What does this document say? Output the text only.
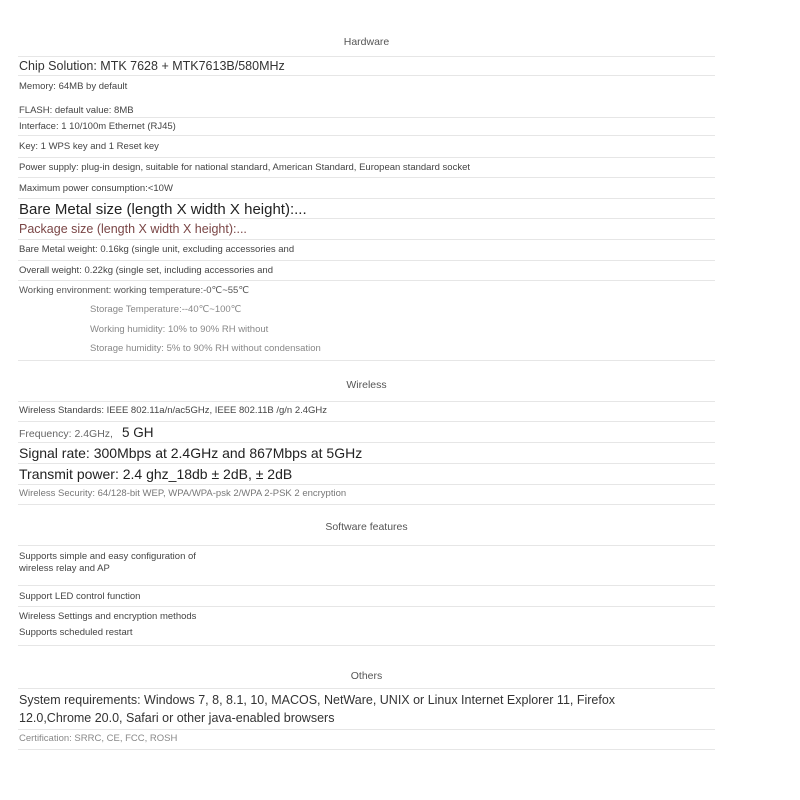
Hardware
Chip Solution: MTK 7628 + MTK7613B/580MHz
Memory: 64MB by default
FLASH: default value: 8MB
Interface: 1 10/100m Ethernet (RJ45)
Key: 1 WPS key and 1 Reset key
Power supply: plug-in design, suitable for national standard, American Standard, European standard socket
Maximum power consumption:<10W
Bare Metal size (length X width X height):...
Package size (length X width X height):...
Bare Metal weight: 0.16kg (single unit, excluding accessories and
Overall weight: 0.22kg (single set, including accessories and
Working environment: working temperature:-0℃~55℃
Storage Temperature:--40℃~100℃
Working humidity: 10% to 90% RH without
Storage humidity: 5% to 90% RH without condensation
Wireless
Wireless Standards: IEEE 802.11a/n/ac5GHz, IEEE 802.11B /g/n 2.4GHz
Frequency: 2.4GHz, 5 GH
Signal rate: 300Mbps at 2.4GHz and 867Mbps at 5GHz
Transmit power: 2.4 ghz_18db ± 2dB, ± 2dB
Wireless Security: 64/128-bit WEP, WPA/WPA-psk 2/WPA 2-PSK 2 encryption
Software features
Supports simple and easy configuration of wireless relay and AP
Support LED control function
Wireless Settings and encryption methods
Supports scheduled restart
Others
System requirements: Windows 7, 8, 8.1, 10, MACOS, NetWare, UNIX or Linux Internet Explorer 11, Firefox 12.0,Chrome 20.0, Safari or other java-enabled browsers
Certification: SRRC, CE, FCC, ROSH
